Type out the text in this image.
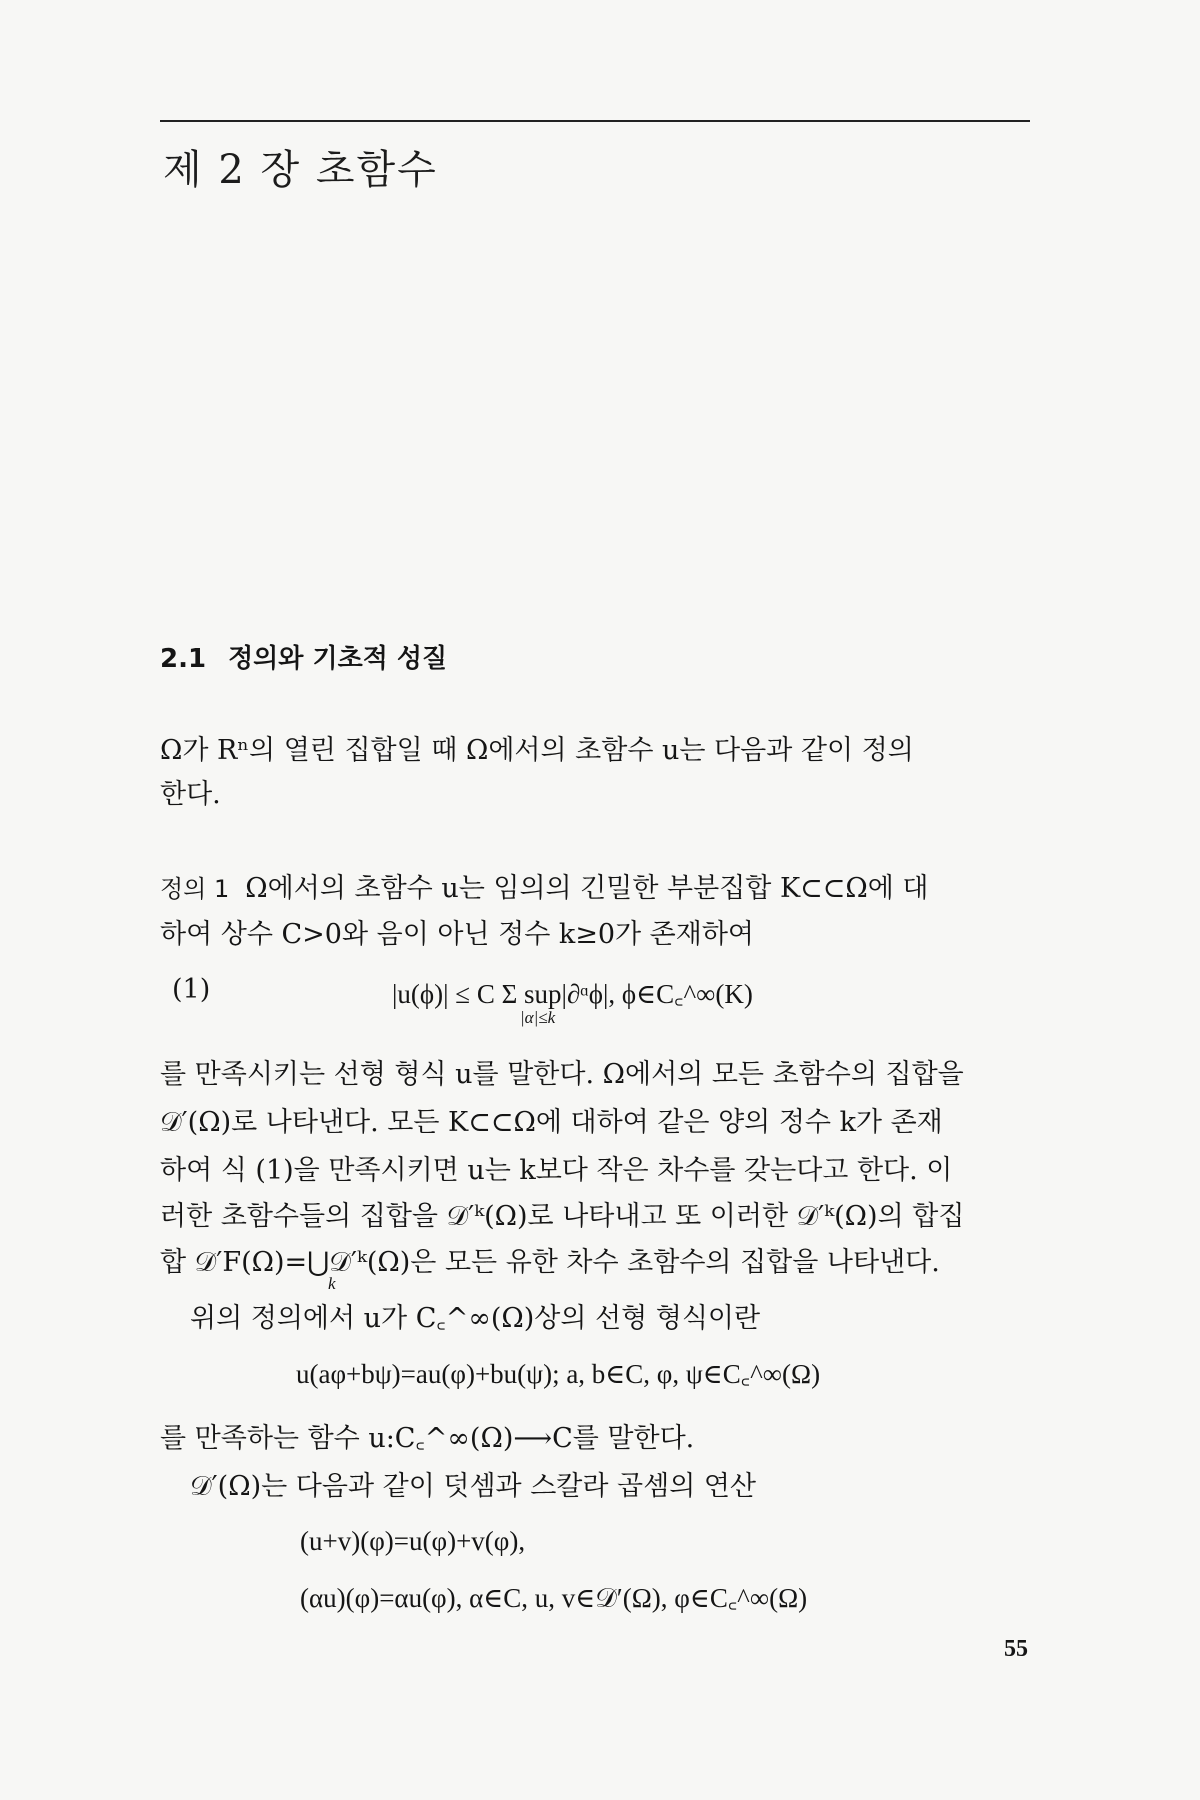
제 2 장 초함수
2.1 정의와 기초적 성질
Ω가 Rⁿ의 열린 집합일 때 Ω에서의 초함수 u는 다음과 같이 정의
한다.
정의 1 Ω에서의 초함수 u는 임의의 긴밀한 부분집합 K⊂⊂Ω에 대
하여 상수 C>0와 음이 아닌 정수 k≥0가 존재하여
(1)	|u(ϕ)| ≤ C Σ sup|∂ᵅϕ|, ϕ∈C꜀^∞(K)
|α|≤k
를 만족시키는 선형 형식 u를 말한다. Ω에서의 모든 초함수의 집합을
𝒟′(Ω)로 나타낸다. 모든 K⊂⊂Ω에 대하여 같은 양의 정수 k가 존재
하여 식 (1)을 만족시키면 u는 k보다 작은 차수를 갖는다고 한다. 이
러한 초함수들의 집합을 𝒟′ᵏ(Ω)로 나타내고 또 이러한 𝒟′ᵏ(Ω)의 합집
합 𝒟′F(Ω)=⋃𝒟′ᵏ(Ω)은 모든 유한 차수 초함수의 집합을 나타낸다.
k
위의 정의에서 u가 C꜀^∞(Ω)상의 선형 형식이란
u(aφ+bψ)=au(φ)+bu(ψ); a, b∈C, φ, ψ∈C꜀^∞(Ω)
를 만족하는 함수 u:C꜀^∞(Ω)⟶C를 말한다.
𝒟′(Ω)는 다음과 같이 덧셈과 스칼라 곱셈의 연산
(u+v)(φ)=u(φ)+v(φ),
(αu)(φ)=αu(φ), α∈C, u, v∈𝒟′(Ω), φ∈C꜀^∞(Ω)
55
